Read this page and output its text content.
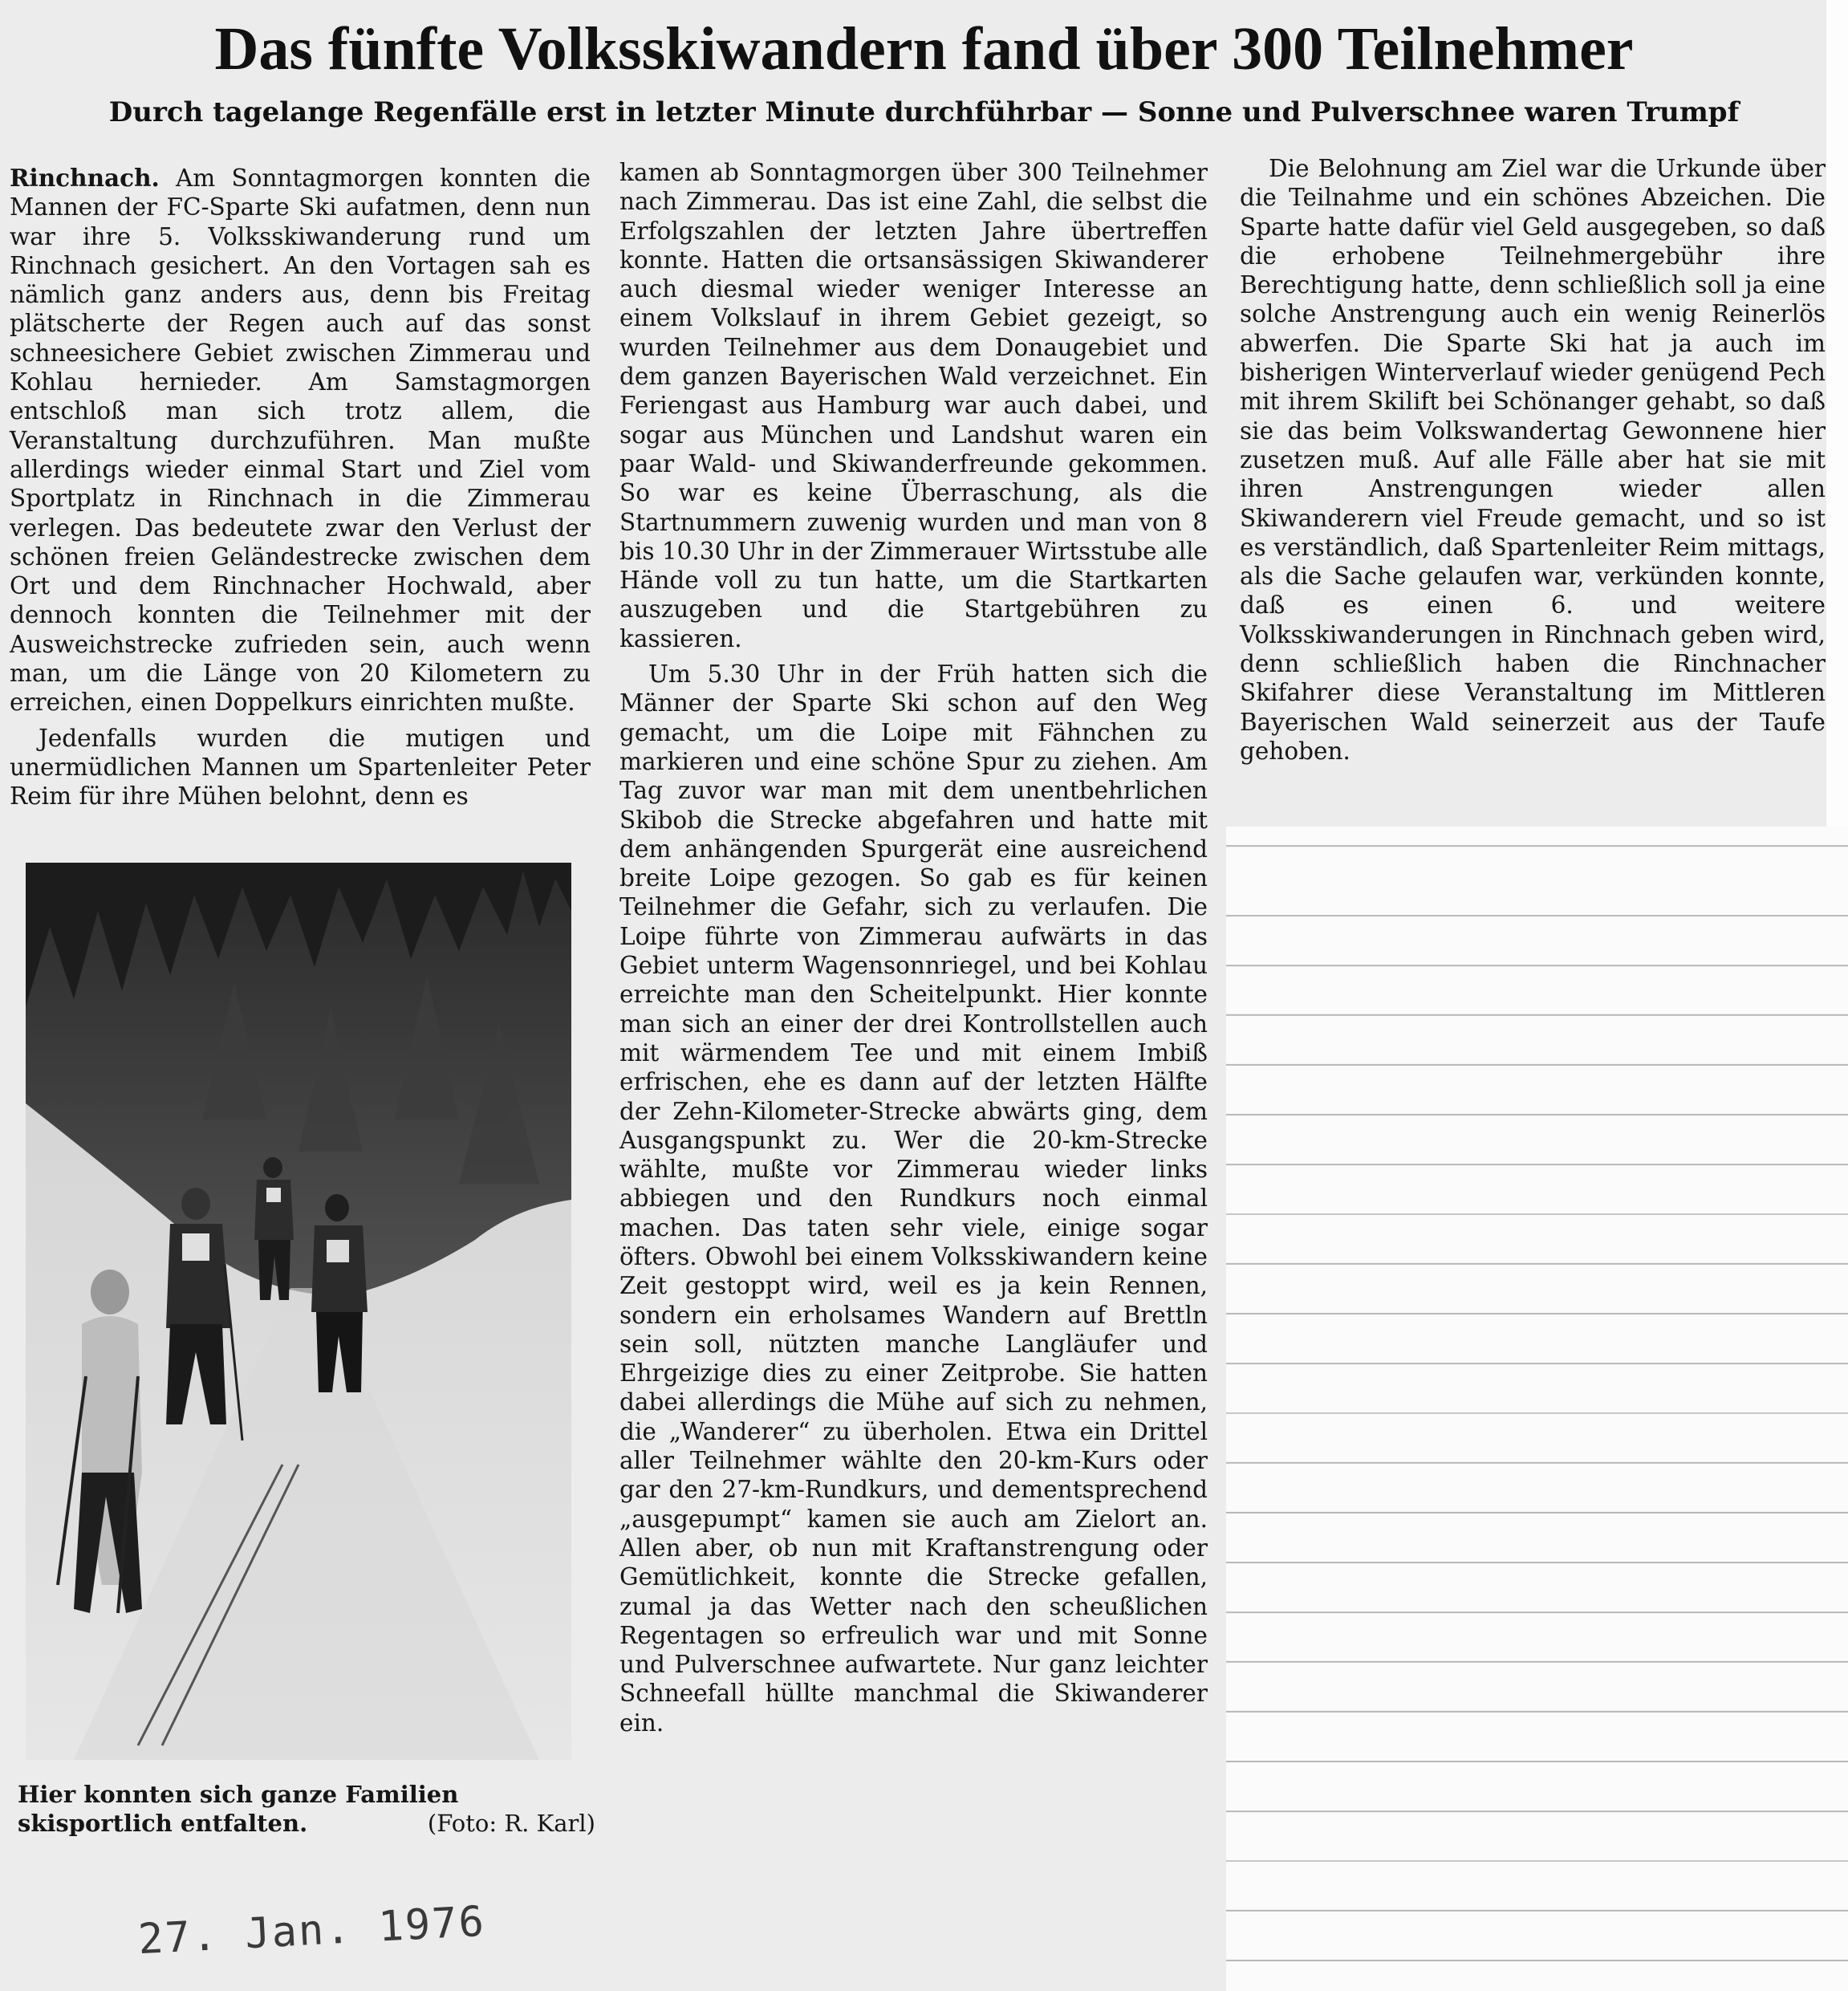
Das fünfte Volksskiwandern fand über 300 Teilnehmer
Durch tagelange Regenfälle erst in letzter Minute durchführbar — Sonne und Pulverschnee waren Trumpf

Rinchnach. Am Sonntagmorgen konnten die Mannen der FC-Sparte Ski aufatmen, denn nun war ihre 5. Volksskiwanderung rund um Rinchnach gesichert. An den Vortagen sah es nämlich ganz anders aus, denn bis Freitag plätscherte der Regen auch auf das sonst schneesichere Gebiet zwischen Zimmerau und Kohlau hernieder. Am Samstagmorgen entschloß man sich trotz allem, die Veranstaltung durchzuführen. Man mußte allerdings wieder einmal Start und Ziel vom Sportplatz in Rinchnach in die Zimmerau verlegen. Das bedeutete zwar den Verlust der schönen freien Geländestrecke zwischen dem Ort und dem Rinchnacher Hochwald, aber dennoch konnten die Teilnehmer mit der Ausweichstrecke zufrieden sein, auch wenn man, um die Länge von 20 Kilometern zu erreichen, einen Doppelkurs einrichten mußte.

Jedenfalls wurden die mutigen und unermüdlichen Mannen um Spartenleiter Peter Reim für ihre Mühen belohnt, denn es

Hier konnten sich ganze Familien skisportlich entfalten.	(Foto: R. Karl)

kamen ab Sonntagmorgen über 300 Teilnehmer nach Zimmerau. Das ist eine Zahl, die selbst die Erfolgszahlen der letzten Jahre übertreffen konnte. Hatten die ortsansässigen Skiwanderer auch diesmal wieder weniger Interesse an einem Volkslauf in ihrem Gebiet gezeigt, so wurden Teilnehmer aus dem Donaugebiet und dem ganzen Bayerischen Wald verzeichnet. Ein Feriengast aus Hamburg war auch dabei, und sogar aus München und Landshut waren ein paar Wald- und Skiwanderfreunde gekommen. So war es keine Überraschung, als die Startnummern zuwenig wurden und man von 8 bis 10.30 Uhr in der Zimmerauer Wirtsstube alle Hände voll zu tun hatte, um die Startkarten auszugeben und die Startgebühren zu kassieren.

Um 5.30 Uhr in der Früh hatten sich die Männer der Sparte Ski schon auf den Weg gemacht, um die Loipe mit Fähnchen zu markieren und eine schöne Spur zu ziehen. Am Tag zuvor war man mit dem unentbehrlichen Skibob die Strecke abgefahren und hatte mit dem anhängenden Spurgerät eine ausreichend breite Loipe gezogen. So gab es für keinen Teilnehmer die Gefahr, sich zu verlaufen. Die Loipe führte von Zimmerau aufwärts in das Gebiet unterm Wagensonnriegel, und bei Kohlau erreichte man den Scheitelpunkt. Hier konnte man sich an einer der drei Kontrollstellen auch mit wärmendem Tee und mit einem Imbiß erfrischen, ehe es dann auf der letzten Hälfte der Zehn-Kilometer-Strecke abwärts ging, dem Ausgangspunkt zu. Wer die 20-km-Strecke wählte, mußte vor Zimmerau wieder links abbiegen und den Rundkurs noch einmal machen. Das taten sehr viele, einige sogar öfters. Obwohl bei einem Volksskiwandern keine Zeit gestoppt wird, weil es ja kein Rennen, sondern ein erholsames Wandern auf Brettln sein soll, nützten manche Langläufer und Ehrgeizige dies zu einer Zeitprobe. Sie hatten dabei allerdings die Mühe auf sich zu nehmen, die „Wanderer“ zu überholen. Etwa ein Drittel aller Teilnehmer wählte den 20-km-Kurs oder gar den 27-km-Rundkurs, und dementsprechend „ausgepumpt“ kamen sie auch am Zielort an. Allen aber, ob nun mit Kraftanstrengung oder Gemütlichkeit, konnte die Strecke gefallen, zumal ja das Wetter nach den scheußlichen Regentagen so erfreulich war und mit Sonne und Pulverschnee aufwartete. Nur ganz leichter Schneefall hüllte manchmal die Skiwanderer ein.

Die Belohnung am Ziel war die Urkunde über die Teilnahme und ein schönes Abzeichen. Die Sparte hatte dafür viel Geld ausgegeben, so daß die erhobene Teilnehmergebühr ihre Berechtigung hatte, denn schließlich soll ja eine solche Anstrengung auch ein wenig Reinerlös abwerfen. Die Sparte Ski hat ja auch im bisherigen Winterverlauf wieder genügend Pech mit ihrem Skilift bei Schönanger gehabt, so daß sie das beim Volkswandertag Gewonnene hier zusetzen muß. Auf alle Fälle aber hat sie mit ihren Anstrengungen wieder allen Skiwanderern viel Freude gemacht, und so ist es verständlich, daß Spartenleiter Reim mittags, als die Sache gelaufen war, verkünden konnte, daß es einen 6. und weitere Volksskiwanderungen in Rinchnach geben wird, denn schließlich haben die Rinchnacher Skifahrer diese Veranstaltung im Mittleren Bayerischen Wald seinerzeit aus der Taufe gehoben.

27. Jan. 1976
